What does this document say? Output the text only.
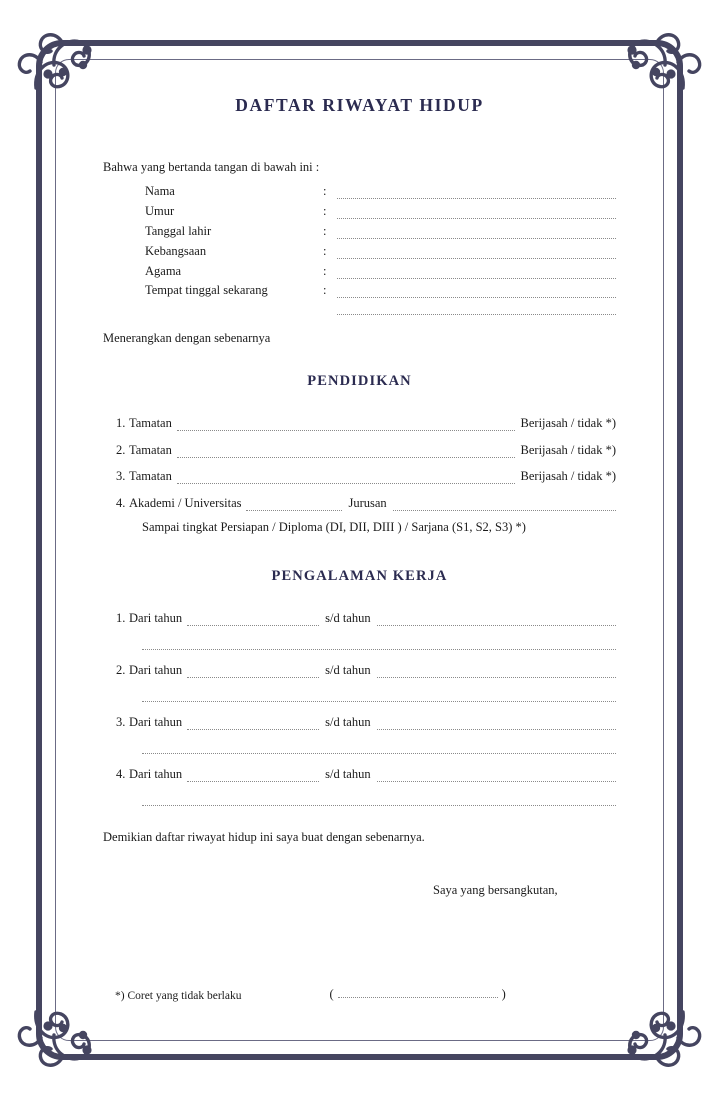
DAFTAR RIWAYAT HIDUP

Bahwa yang bertanda tangan di bawah ini :

Nama	:	

Umur	:	

Tanggal lahir	:	

Kebangsaan	:	

Agama	:	

Tempat tinggal sekarang	:	

Menerangkan dengan sebenarnya

PENDIDIKAN
1. Tamatan	Berijasah / tidak *)
2. Tamatan	Berijasah / tidak *)
3. Tamatan	Berijasah / tidak *)
4. Akademi / Universitas	Jurusan
Sampai tingkat Persiapan / Diploma (DI, DII, DIII ) / Sarjana (S1, S2, S3) *)
PENGALAMAN KERJA
1. Dari tahun	s/d tahun
2. Dari tahun	s/d tahun
3. Dari tahun	s/d tahun
4. Dari tahun	s/d tahun

Demikian daftar riwayat hidup ini saya buat dengan sebenarnya.

Saya yang bersangkutan,
*) Coret yang tidak berlaku	(	)
